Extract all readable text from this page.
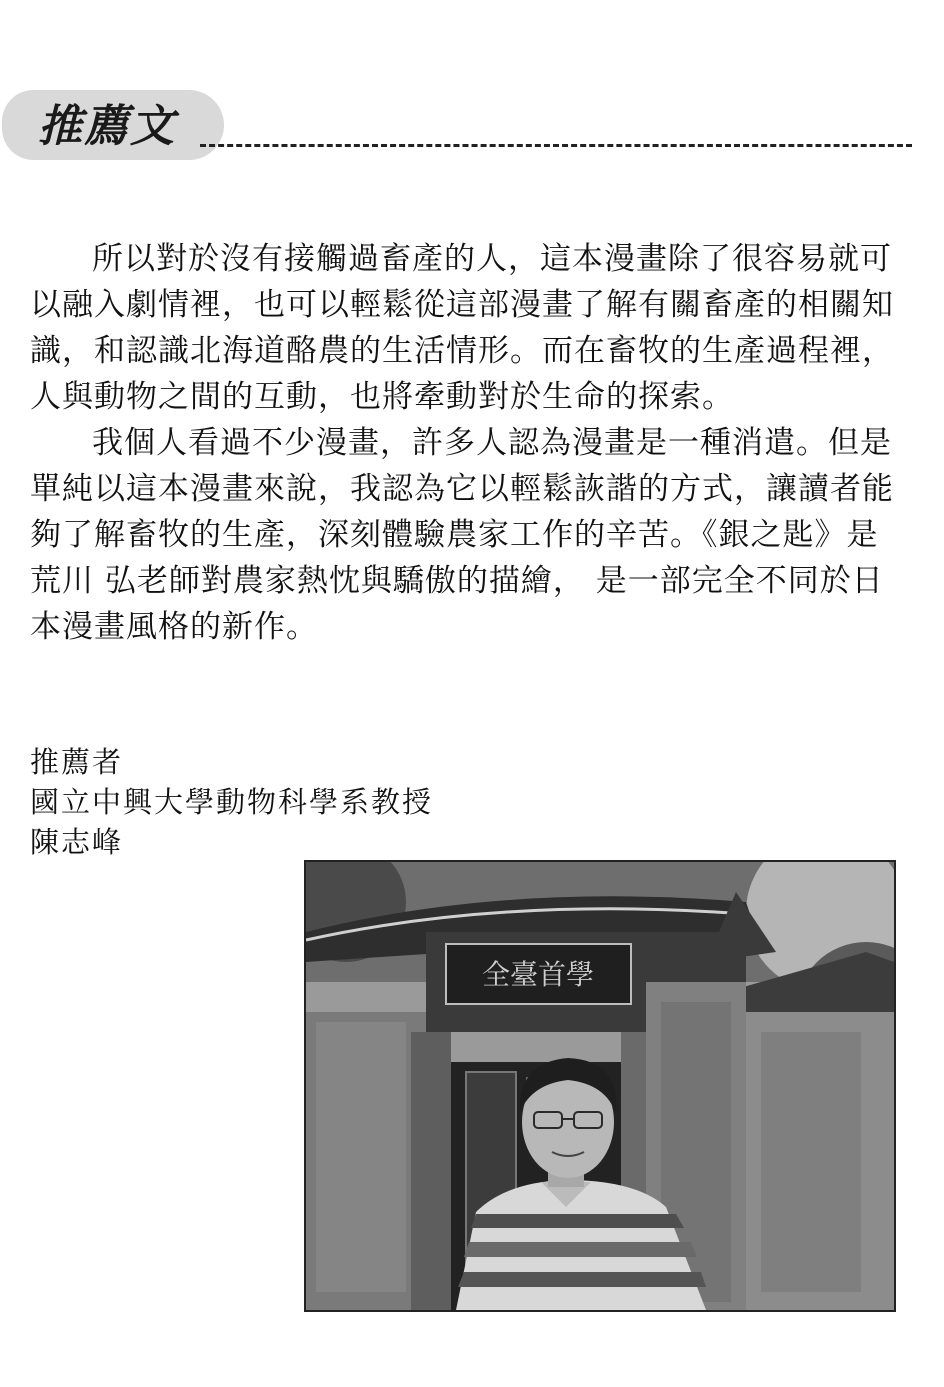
推薦文

所以對於沒有接觸過畜產的人，這本漫畫除了很容易就可以融入劇情裡，也可以輕鬆從這部漫畫了解有關畜產的相關知識，和認識北海道酪農的生活情形。而在畜牧的生產過程裡，人與動物之間的互動，也將牽動對於生命的探索。

我個人看過不少漫畫，許多人認為漫畫是一種消遣。但是單純以這本漫畫來說，我認為它以輕鬆詼諧的方式，讓讀者能夠了解畜牧的生產，深刻體驗農家工作的辛苦。《銀之匙》是荒川 弘老師對農家熱忱與驕傲的描繪， 是一部完全不同於日本漫畫風格的新作。

推薦者
國立中興大學動物科學系教授
陳志峰
全臺首學
